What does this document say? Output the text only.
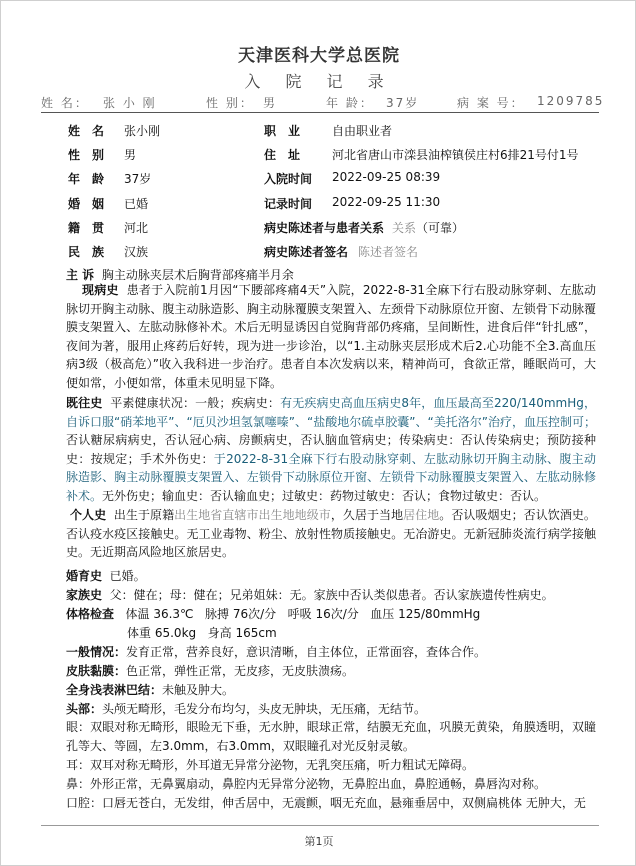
天津医科大学总医院
入 院 记 录
姓 名： 张 小 刚	性 别： 男	年 龄： 37岁	病 案 号： 1209785
姓名 张小刚	职业 自由职业者
性别 男	住址 河北省唐山市滦县油榨镇侯庄村6排21号付1号
年龄 37岁	入院时间 2022-09-25 08:39
婚姻 已婚	记录时间 2022-09-25 11:30
籍贯 河北	病史陈述者与患者关系 关系（可靠）
民族 汉族	病史陈述者签名 陈述者签名
主 诉 胸主动脉夹层术后胸背部疼痛半月余
现病史 患者于入院前1月因“下腰部疼痛4天”入院，2022-8-31全麻下行右股动脉穿刺、左肱动脉切开胸主动脉、腹主动脉造影、胸主动脉覆膜支架置入、左颈骨下动脉原位开窗、左锁骨下动脉覆膜支架置入、左肱动脉修补术。术后无明显诱因自觉胸背部仍疼痛，呈间断性，进食后伴“针扎感”，夜间为著，服用止疼药后好转，现为进一步诊治，以“1.主动脉夹层形成术后2.心功能不全3.高血压病3级（极高危）”收入我科进一步治疗。患者自本次发病以来，精神尚可，食欲正常，睡眠尚可，大便如常，小便如常，体重未见明显下降。
既往史 平素健康状况：一般；疾病史：有无疾病史高血压病史8年，血压最高至220/140mmHg，自诉口服“硝苯地平”、“厄贝沙坦氢氯噻嗪”、“盐酸地尔硫卓胶囊”、“美托洛尔”治疗，血压控制可；否认糖尿病病史，否认冠心病、房颤病史，否认脑血管病史；传染病史：否认传染病史；预防接种史：按规定；手术外伤史：于2022-8-31全麻下行右股动脉穿刺、左肱动脉切开胸主动脉、腹主动脉造影、胸主动脉覆膜支架置入、左锁骨下动脉原位开窗、左锁骨下动脉覆膜支架置入、左肱动脉修补术。无外伤史；输血史：否认输血史；过敏史：药物过敏史：否认；食物过敏史：否认。
个人史 出生于原籍出生地省直辖市出生地地级市，久居于当地居住地。否认吸烟史；否认饮酒史。否认疫水疫区接触史。无工业毒物、粉尘、放射性物质接触史。无冶游史。无新冠肺炎流行病学接触史。无近期高风险地区旅居史。
婚育史 已婚。
家族史 父：健在；母：健在；兄弟姐妹：无。家族中否认类似患者。否认家族遗传性病史。
体格检查 体温 36.3℃ 脉搏 76次/分 呼吸 16次/分 血压 125/80mmHg
体重 65.0kg 身高 165cm
一般情况：发育正常，营养良好，意识清晰，自主体位，正常面容，查体合作。
皮肤黏膜：色正常，弹性正常，无皮疹，无皮肤溃疡。
全身浅表淋巴结：未触及肿大。
头部：头颅无畸形，毛发分布均匀，头皮无肿块，无压痛，无结节。
眼：双眼对称无畸形，眼睑无下垂，无水肿，眼球正常，结膜无充血，巩膜无黄染，角膜透明，双瞳孔等大、等圆，左3.0mm，右3.0mm，双眼瞳孔对光反射灵敏。
耳：双耳对称无畸形，外耳道无异常分泌物，无乳突压痛，听力粗试无障碍。
鼻：外形正常，无鼻翼扇动，鼻腔内无异常分泌物，无鼻腔出血，鼻腔通畅，鼻唇沟对称。
口腔：口唇无苍白，无发绀，伸舌居中，无震颤，咽无充血，悬雍垂居中，双侧扁桃体 无肿大，无
第1页
